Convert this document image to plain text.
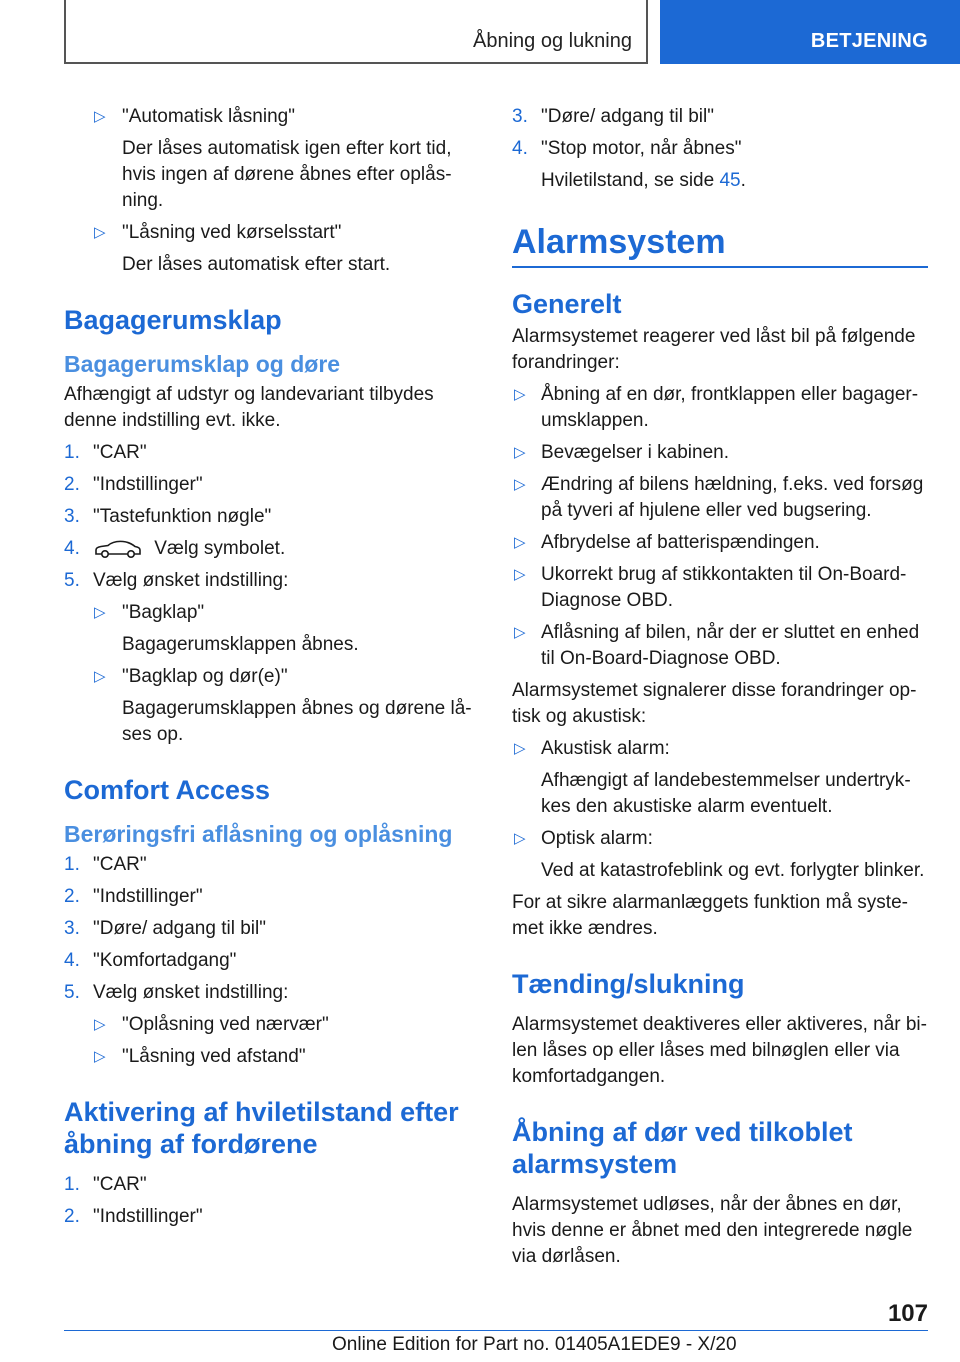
Åbning og lukning	BETJENING
▷ "Automatisk låsning"
Der låses automatisk igen efter kort tid, hvis ingen af dørene åbnes efter oplåsning.
▷ "Låsning ved kørselsstart"
Der låses automatisk efter start.
Bagagerumsklap
Bagagerumsklap og døre

Afhængigt af udstyr og landevariant tilbydes denne indstilling evt. ikke.

1. "CAR"
2. "Indstillinger"
3. "Tastefunktion nøgle"
4.	Vælg symbolet.
5. Vælg ønsket indstilling:
▷ "Bagklap"
Bagagerumsklappen åbnes.
▷ "Bagklap og dør(e)"
Bagagerumsklappen åbnes og dørene låses op.
Comfort Access
Berøringsfri aflåsning og oplåsning
1. "CAR"
2. "Indstillinger"
3. "Døre/ adgang til bil"
4. "Komfortadgang"
5. Vælg ønsket indstilling:
▷ "Oplåsning ved nærvær"
▷ "Låsning ved afstand"
Aktivering af hviletilstand efter åbning af fordørene
1. "CAR"
2. "Indstillinger"
3. "Døre/ adgang til bil"
4. "Stop motor, når åbnes"
Hviletilstand, se side 45.
Alarmsystem
Generelt

Alarmsystemet reagerer ved låst bil på følgende forandringer:

▷ Åbning af en dør, frontklappen eller bagagerumsklappen.
▷ Bevægelser i kabinen.
▷ Ændring af bilens hældning, f.eks. ved forsøg på tyveri af hjulene eller ved bugsering.
▷ Afbrydelse af batterispændingen.
▷ Ukorrekt brug af stikkontakten til On-Board-Diagnose OBD.
▷ Aflåsning af bilen, når der er sluttet en enhed til On-Board-Diagnose OBD.

Alarmsystemet signalerer disse forandringer optisk og akustisk:

▷ Akustisk alarm:
Afhængigt af landebestemmelser undertrykkes den akustiske alarm eventuelt.
▷ Optisk alarm:
Ved at katastrofeblink og evt. forlygter blinker.

For at sikre alarmanlæggets funktion må systemet ikke ændres.

Tænding/slukning

Alarmsystemet deaktiveres eller aktiveres, når bilen låses op eller låses med bilnøglen eller via komfortadgangen.

Åbning af dør ved tilkoblet alarmsystem

Alarmsystemet udløses, når der åbnes en dør, hvis denne er åbnet med den integrerede nøgle via dørlåsen.

107
Online Edition for Part no. 01405A1EDE9 - X/20
